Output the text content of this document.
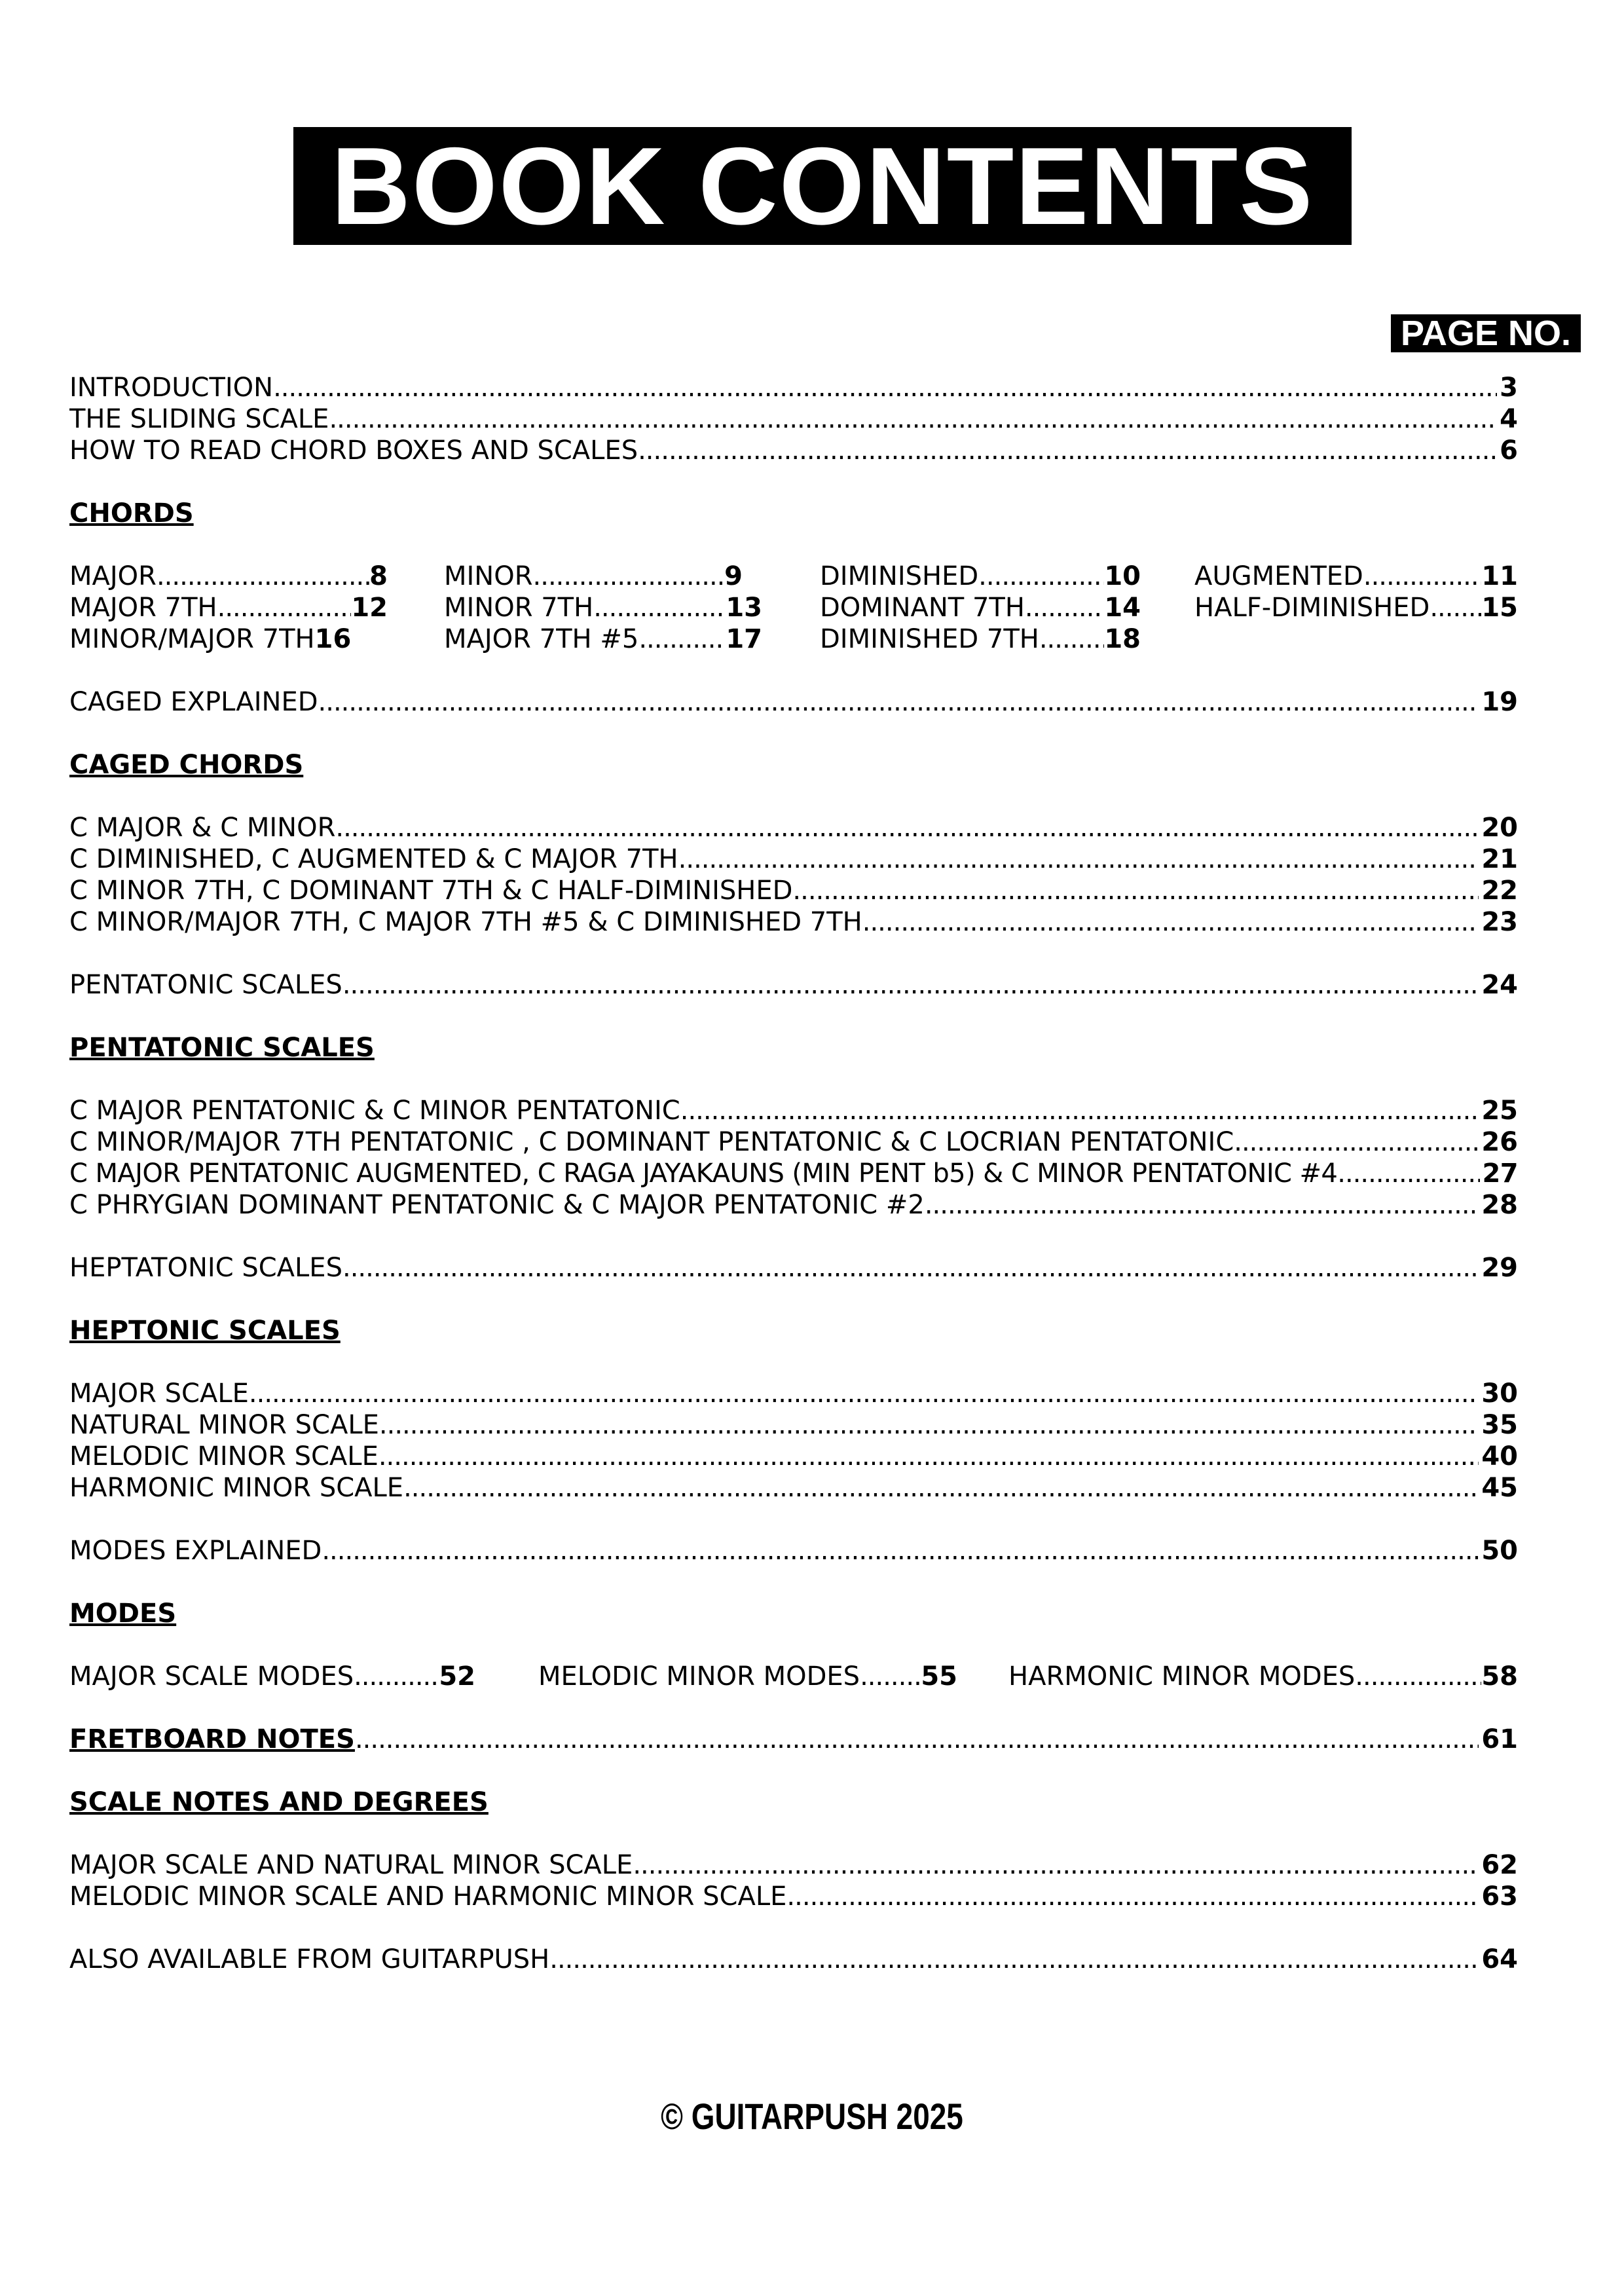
BOOK CONTENTS
PAGE NO.
INTRODUCTION .....	3
THE SLIDING SCALE .....	4
HOW TO READ CHORD BOXES AND SCALES .....	6
CHORDS
MAJOR .....	8 MINOR .....	9	DIMINISHED .....	10 AUGMENTED .....	11
MAJOR 7TH .....	12 MINOR 7TH .....	13 DOMINANT 7TH .....	14 HALF-DIMINISHED ..... 15
MINOR/MAJOR 7TH 16	MAJOR 7TH #5 .....	17 DIMINISHED 7TH ..... 18
CAGED EXPLAINED .....	19
CAGED CHORDS
C MAJOR & C MINOR .....	20
C DIMINISHED, C AUGMENTED & C MAJOR 7TH .....	21
C MINOR 7TH, C DOMINANT 7TH & C HALF-DIMINISHED .....	22
C MINOR/MAJOR 7TH, C MAJOR 7TH #5 & C DIMINISHED 7TH .....	23
PENTATONIC SCALES .....	24
PENTATONIC SCALES
C MAJOR PENTATONIC & C MINOR PENTATONIC .....	25
C MINOR/MAJOR 7TH PENTATONIC , C DOMINANT PENTATONIC & C LOCRIAN PENTATONIC .....	26
C MAJOR PENTATONIC AUGMENTED, C RAGA JAYAKAUNS (MIN PENT b5) & C MINOR PENTATONIC #4 .....	27
C PHRYGIAN DOMINANT PENTATONIC & C MAJOR PENTATONIC #2 .....	28
HEPTATONIC SCALES .....	29
HEPTONIC SCALES
MAJOR SCALE .....	30
NATURAL MINOR SCALE .....	35
MELODIC MINOR SCALE .....	40
HARMONIC MINOR SCALE .....	45
MODES EXPLAINED .....	50
MODES
MAJOR SCALE MODES .....	52 MELODIC MINOR MODES ..... 55 HARMONIC MINOR MODES .....	58
FRETBOARD NOTES .....	61
SCALE NOTES AND DEGREES
MAJOR SCALE AND NATURAL MINOR SCALE .....	62
MELODIC MINOR SCALE AND HARMONIC MINOR SCALE .....	63
ALSO AVAILABLE FROM GUITARPUSH .....	64
© GUITARPUSH 2025
